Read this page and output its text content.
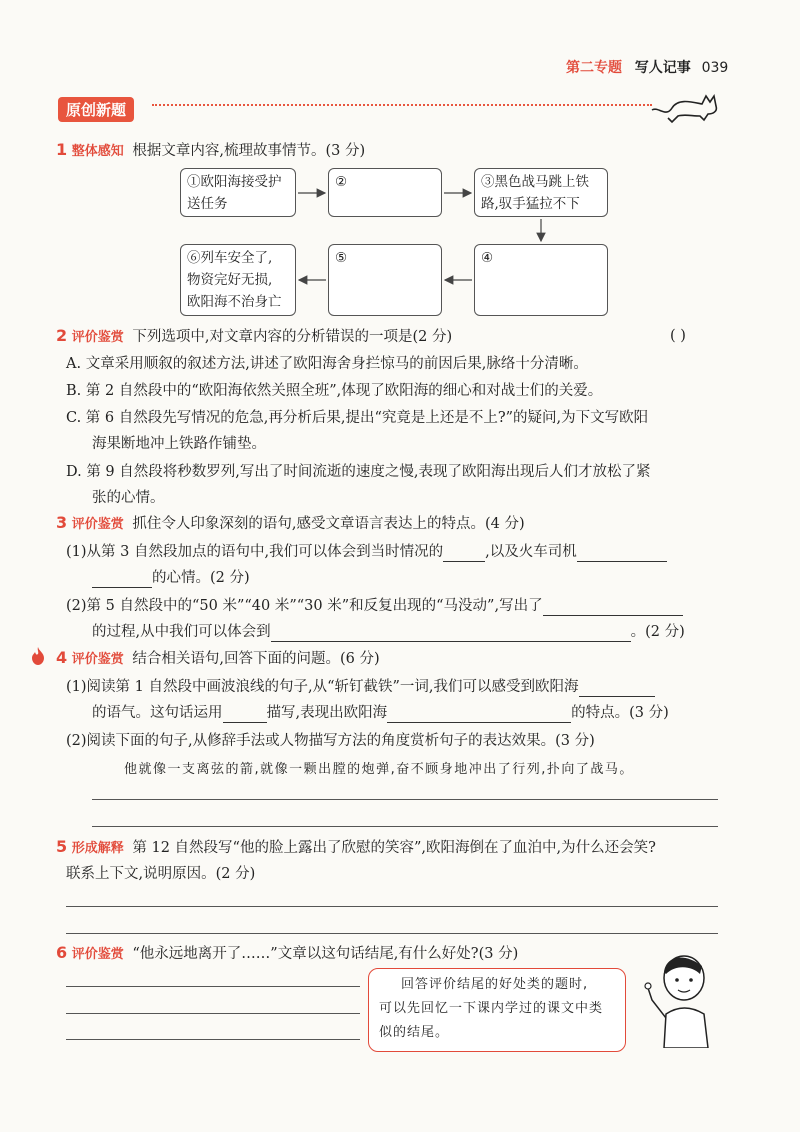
第二专题 写人记事 039
原创新题
1 整体感知 根据文章内容,梳理故事情节。(3 分)
①欧阳海接受护
送任务
②	③黑色战马跳上铁
路,驭手猛拉不下
④
⑤
⑥列车安全了,
物资完好无损,
欧阳海不治身亡
2 评价鉴赏 下列选项中,对文章内容的分析错误的一项是(2 分)	( )
A. 文章采用顺叙的叙述方法,讲述了欧阳海舍身拦惊马的前因后果,脉络十分清晰。
B. 第 2 自然段中的“欧阳海依然关照全班”,体现了欧阳海的细心和对战士们的关爱。
C. 第 6 自然段先写情况的危急,再分析后果,提出“究竟是上还是不上?”的疑问,为下文写欧阳
海果断地冲上铁路作铺垫。
D. 第 9 自然段将秒数罗列,写出了时间流逝的速度之慢,表现了欧阳海出现后人们才放松了紧
张的心情。
3 评价鉴赏 抓住令人印象深刻的语句,感受文章语言表达上的特点。(4 分)
(1)从第 3 自然段加点的语句中,我们可以体会到当时情况的	,以及火车司机
的心情。(2 分)
(2)第 5 自然段中的“50 米”“40 米”“30 米”和反复出现的“马没动”,写出了
的过程,从中我们可以体会到	。(2 分)
4 评价鉴赏 结合相关语句,回答下面的问题。(6 分)
(1)阅读第 1 自然段中画波浪线的句子,从“斩钉截铁”一词,我们可以感受到欧阳海
的语气。这句话运用	描写,表现出欧阳海	的特点。(3 分)
(2)阅读下面的句子,从修辞手法或人物描写方法的角度赏析句子的表达效果。(3 分)
他就像一支离弦的箭,就像一颗出膛的炮弹,奋不顾身地冲出了行列,扑向了战马。
5 形成解释 第 12 自然段写“他的脸上露出了欣慰的笑容”,欧阳海倒在了血泊中,为什么还会笑?
联系上下文,说明原因。(2 分)
6 评价鉴赏 “他永远地离开了……”文章以这句话结尾,有什么好处?(3 分)
回答评价结尾的好处类的题时,
可以先回忆一下课内学过的课文中类
似的结尾。
